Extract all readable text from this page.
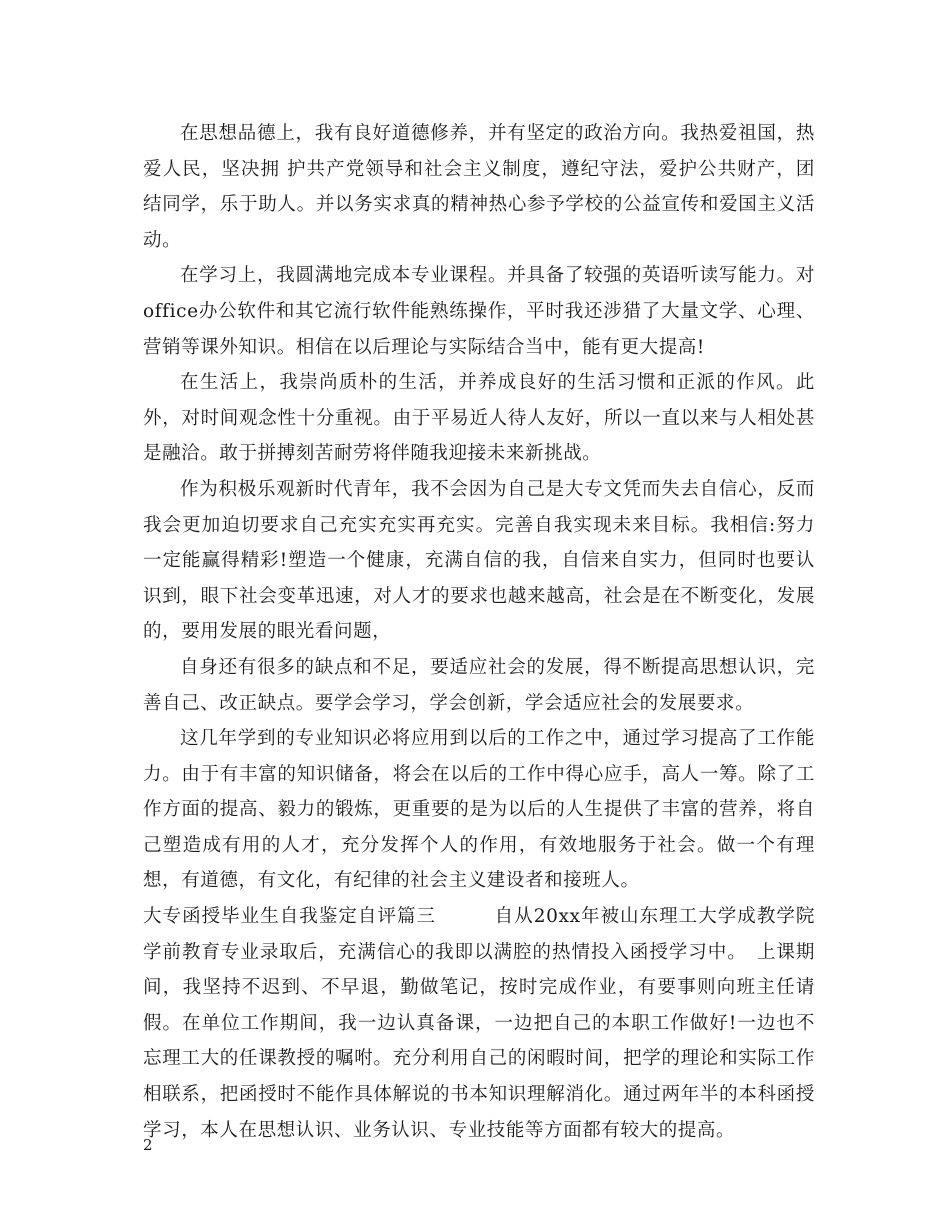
在思想品德上，我有良好道德修养，并有坚定的政治方向。我热爱祖国，热爱人民，坚决拥 护共产党领导和社会主义制度，遵纪守法，爱护公共财产，团结同学，乐于助人。并以务实求真的精神热心参予学校的公益宣传和爱国主义活动。

在学习上，我圆满地完成本专业课程。并具备了较强的英语听读写能力。对office办公软件和其它流行软件能熟练操作，平时我还涉猎了大量文学、心理、营销等课外知识。相信在以后理论与实际结合当中，能有更大提高!

在生活上，我崇尚质朴的生活，并养成良好的生活习惯和正派的作风。此外，对时间观念性十分重视。由于平易近人待人友好，所以一直以来与人相处甚是融洽。敢于拼搏刻苦耐劳将伴随我迎接未来新挑战。

作为积极乐观新时代青年，我不会因为自己是大专文凭而失去自信心，反而我会更加迫切要求自己充实充实再充实。完善自我实现未来目标。我相信:努力一定能赢得精彩!塑造一个健康，充满自信的我，自信来自实力，但同时也要认识到，眼下社会变革迅速，对人才的要求也越来越高，社会是在不断变化，发展的，要用发展的眼光看问题，

自身还有很多的缺点和不足，要适应社会的发展，得不断提高思想认识，完善自己、改正缺点。要学会学习，学会创新，学会适应社会的发展要求。

这几年学到的专业知识必将应用到以后的工作之中，通过学习提高了工作能力。由于有丰富的知识储备，将会在以后的工作中得心应手，高人一筹。除了工作方面的提高、毅力的锻炼，更重要的是为以后的人生提供了丰富的营养，将自己塑造成有用的人才，充分发挥个人的作用，有效地服务于社会。做一个有理想，有道德，有文化，有纪律的社会主义建设者和接班人。

大专函授毕业生自我鉴定自评篇三　　　自从20xx年被山东理工大学成教学院学前教育专业录取后，充满信心的我即以满腔的热情投入函授学习中。　上课期间，我坚持不迟到、不早退，勤做笔记，按时完成作业，有要事则向班主任请假。在单位工作期间，我一边认真备课，一边把自己的本职工作做好!一边也不忘理工大的任课教授的嘱咐。充分利用自己的闲暇时间，把学的理论和实际工作相联系，把函授时不能作具体解说的书本知识理解消化。通过两年半的本科函授学习，本人在思想认识、业务认识、专业技能等方面都有较大的提高。

2
